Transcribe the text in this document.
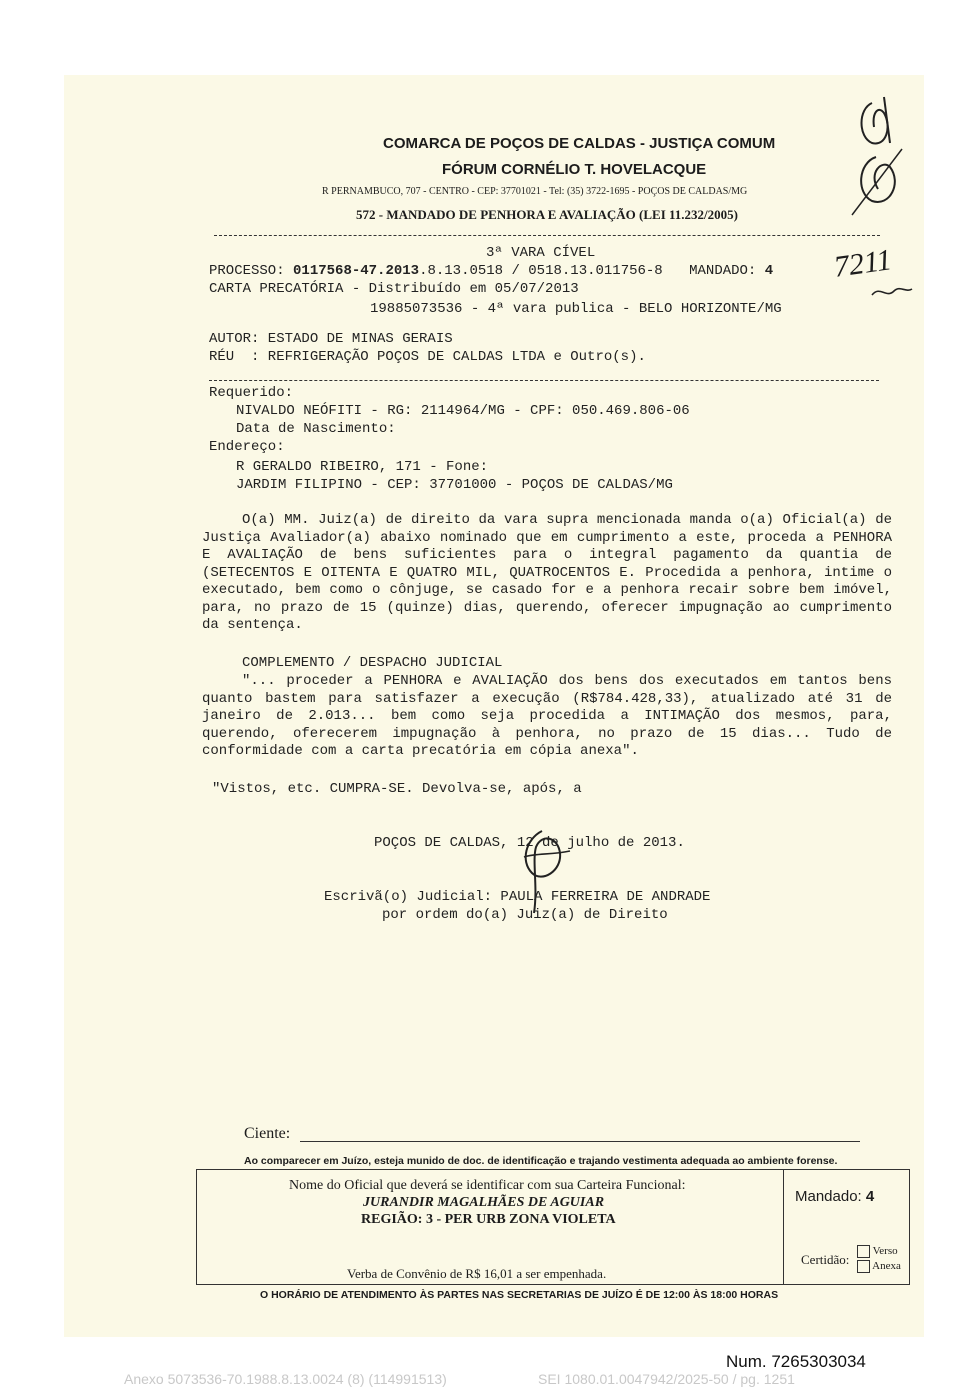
COMARCA DE POÇOS DE CALDAS - JUSTIÇA COMUM
FÓRUM CORNÉLIO T. HOVELACQUE
R PERNAMBUCO, 707 - CENTRO - CEP: 37701021 - Tel: (35) 3722-1695 - POÇOS DE CALDAS/MG
572 - MANDADO DE PENHORA E AVALIAÇÃO (LEI 11.232/2005)
3ª VARA CÍVEL
PROCESSO: 0117568-47.2013.8.13.0518 / 0518.13.011756-8 MANDADO: 4
CARTA PRECATÓRIA - Distribuído em 05/07/2013
19885073536 - 4ª vara publica - BELO HORIZONTE/MG
AUTOR: ESTADO DE MINAS GERAIS
RÉU  : REFRIGERAÇÃO POÇOS DE CALDAS LTDA e Outro(s).
Requerido:
NIVALDO NEÓFITI - RG: 2114964/MG - CPF: 050.469.806-06
Data de Nascimento:
Endereço:
R GERALDO RIBEIRO, 171 - Fone:
JARDIM FILIPINO - CEP: 37701000 - POÇOS DE CALDAS/MG
O(a) MM. Juiz(a) de direito da vara supra mencionada manda o(a) Oficial(a) de Justiça Avaliador(a) abaixo nominado que em cumprimento a este, proceda a PENHORA E AVALIAÇÃO de bens suficientes para o integral pagamento da quantia de (SETECENTOS E OITENTA E QUATRO MIL, QUATROCENTOS E. Procedida a penhora, intime o executado, bem como o cônjuge, se casado for e a penhora recair sobre bem imóvel, para, no prazo de 15 (quinze) dias, querendo, oferecer impugnação ao cumprimento da sentença.
COMPLEMENTO / DESPACHO JUDICIAL
"... proceder a PENHORA e AVALIAÇÃO dos bens dos executados em tantos bens quanto bastem para satisfazer a execução (R$784.428,33), atualizado até 31 de janeiro de 2.013... bem como seja procedida a INTIMAÇÃO dos mesmos, para, querendo, oferecerem impugnação à penhora, no prazo de 15 dias... Tudo de conformidade com a carta precatória em cópia anexa".
"Vistos, etc. CUMPRA-SE. Devolva-se, após, a
POÇOS DE CALDAS, 12 de julho de 2013.
Escrivã(o) Judicial: PAULA FERREIRA DE ANDRADE
por ordem do(a) Juiz(a) de Direito
7211
Ciente:
Ao comparecer em Juízo, esteja munido de doc. de identificação e trajando vestimenta adequada ao ambiente forense.
Nome do Oficial que deverá se identificar com sua Carteira Funcional:
JURANDIR MAGALHÃES DE AGUIAR
REGIÃO: 3 - PER URB ZONA VIOLETA
Verba de Convênio de R$ 16,01 a ser empenhada.
Mandado: 4
Certidão:
Verso
Anexa
O HORÁRIO DE ATENDIMENTO ÀS PARTES NAS SECRETARIAS DE JUÍZO É DE 12:00 ÀS 18:00 HORAS
Num. 7265303034
Anexo 5073536-70.1988.8.13.0024 (8) (114991513)	SEI 1080.01.0047942/2025-50 / pg. 1251
